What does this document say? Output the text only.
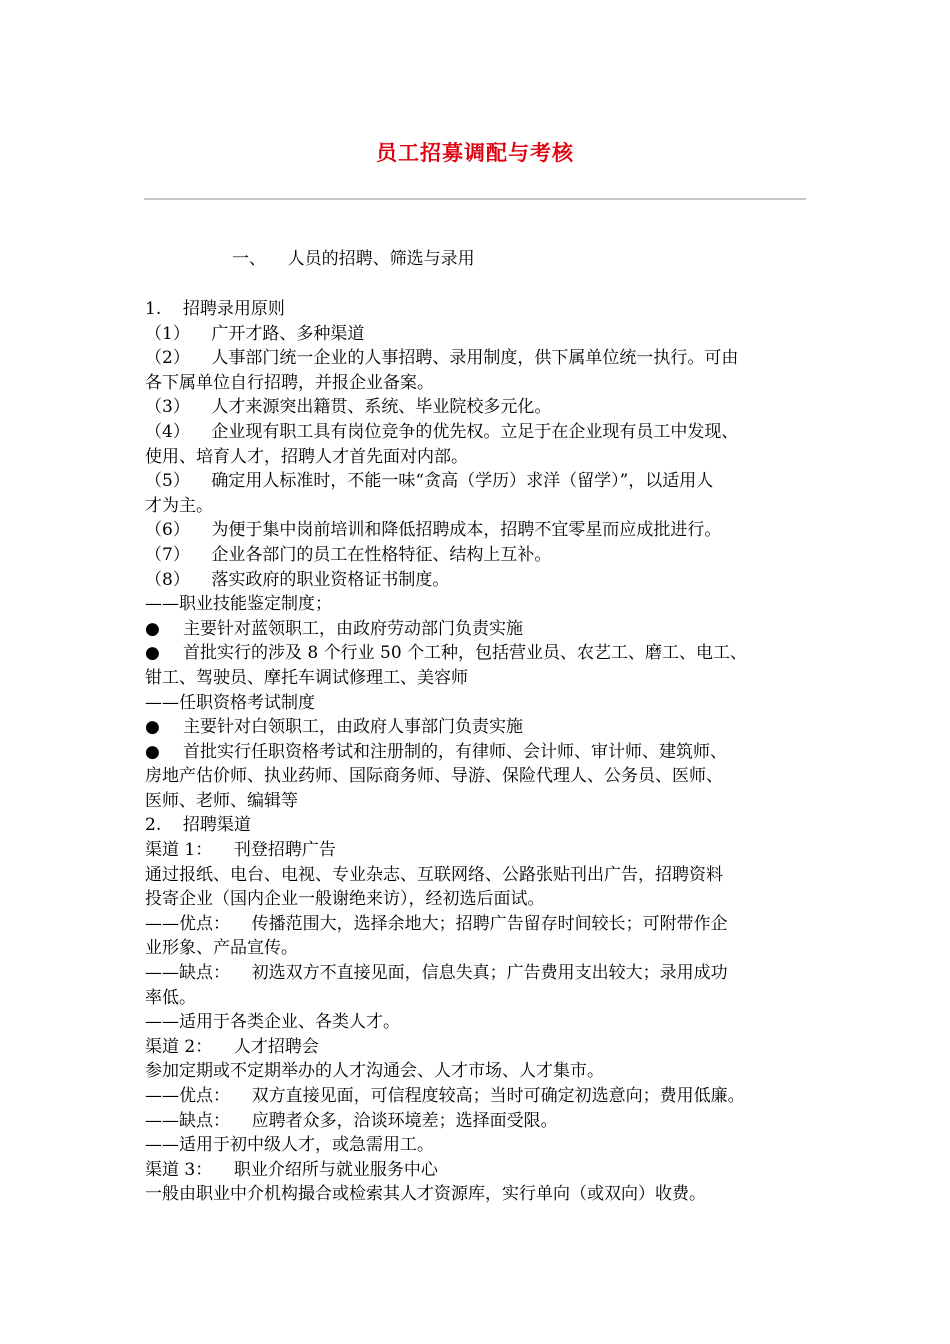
员工招募调配与考核
一、 人员的招聘、筛选与录用
1.    招聘录用原则
（1）    广开才路、多种渠道
（2）    人事部门统一企业的人事招聘、录用制度，供下属单位统一执行。可由
各下属单位自行招聘，并报企业备案。
（3）    人才来源突出籍贯、系统、毕业院校多元化。
（4）    企业现有职工具有岗位竞争的优先权。立足于在企业现有员工中发现、
使用、培育人才，招聘人才首先面对内部。
（5）    确定用人标准时，不能一味“贪高（学历）求洋（留学）”，以适用人
才为主。
（6）    为便于集中岗前培训和降低招聘成本，招聘不宜零星而应成批进行。
（7）    企业各部门的员工在性格特征、结构上互补。
（8）    落实政府的职业资格证书制度。
——职业技能鉴定制度；
● 主要针对蓝领职工，由政府劳动部门负责实施
● 首批实行的涉及 8 个行业 50 个工种，包括营业员、农艺工、磨工、电工、
钳工、驾驶员、摩托车调试修理工、美容师
——任职资格考试制度
● 主要针对白领职工，由政府人事部门负责实施
● 首批实行任职资格考试和注册制的，有律师、会计师、审计师、建筑师、
房地产估价师、执业药师、国际商务师、导游、保险代理人、公务员、医师、
医师、老师、编辑等
2.    招聘渠道
渠道 1：    刊登招聘广告
通过报纸、电台、电视、专业杂志、互联网络、公路张贴刊出广告，招聘资料
投寄企业（国内企业一般谢绝来访），经初选后面试。
——优点：    传播范围大，选择余地大；招聘广告留存时间较长；可附带作企
业形象、产品宣传。
——缺点：    初选双方不直接见面，信息失真；广告费用支出较大；录用成功
率低。
——适用于各类企业、各类人才。
渠道 2：    人才招聘会
参加定期或不定期举办的人才沟通会、人才市场、人才集市。
——优点：    双方直接见面，可信程度较高；当时可确定初选意向；费用低廉。
——缺点：    应聘者众多，洽谈环境差；选择面受限。
——适用于初中级人才，或急需用工。
渠道 3：    职业介绍所与就业服务中心
一般由职业中介机构撮合或检索其人才资源库，实行单向（或双向）收费。
